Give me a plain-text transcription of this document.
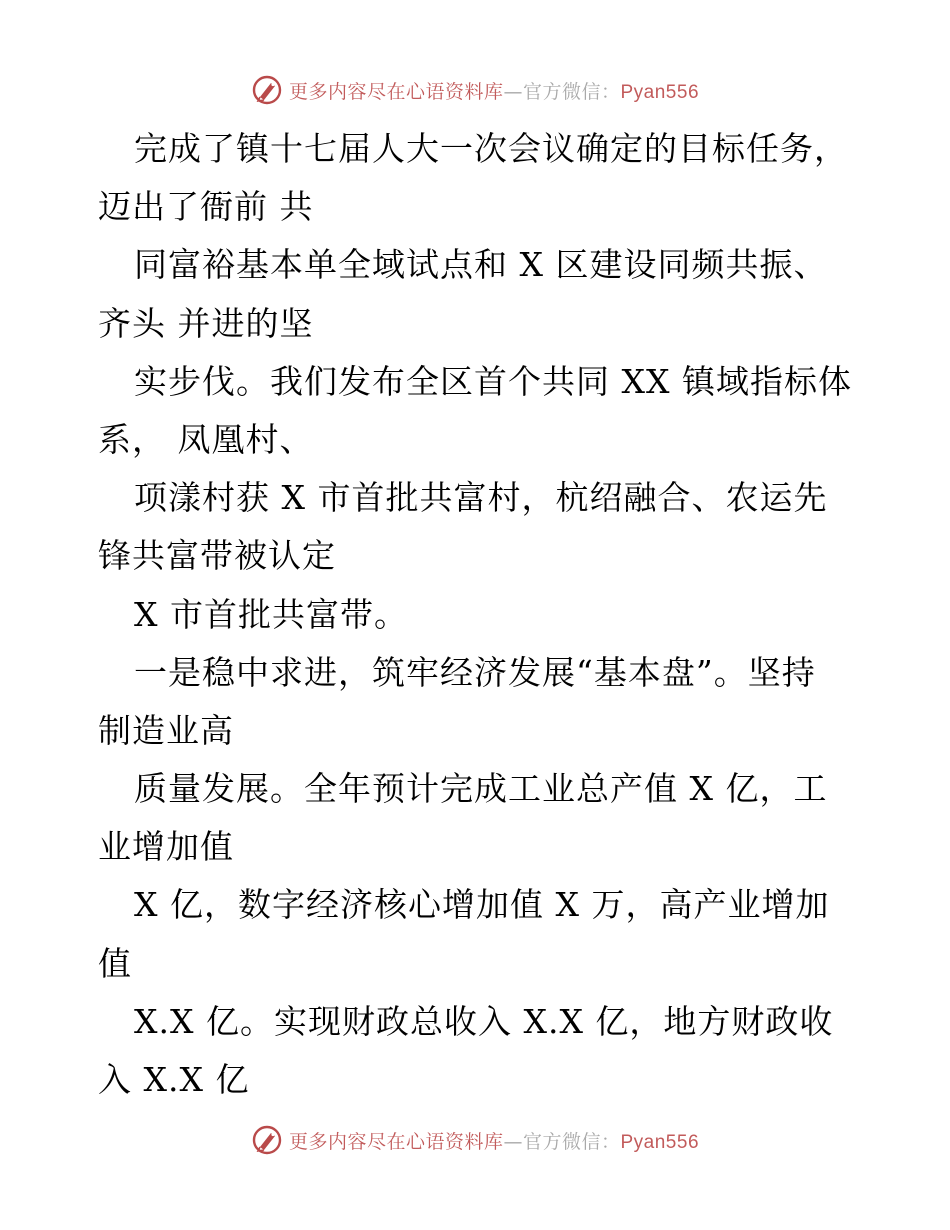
更多内容尽在心语资料库—官方微信：Pyan556
完成了镇十七届人大一次会议确定的目标任务，
迈出了衙前 共
同富裕基本单全域试点和 X 区建设同频共振、
齐头 并进的坚
实步伐。我们发布全区首个共同 XX 镇域指标体
系， 凤凰村、
项漾村获 X 市首批共富村，杭绍融合、农运先
锋共富带被认定
X 市首批共富带。
一是稳中求进，筑牢经济发展“基本盘”。坚持
制造业高
质量发展。全年预计完成工业总产值 X 亿，工
业增加值
X 亿，数字经济核心增加值 X 万，高产业增加
值
X.X 亿。实现财政总收入 X.X 亿，地方财政收
入 X.X 亿
更多内容尽在心语资料库—官方微信：Pyan556
